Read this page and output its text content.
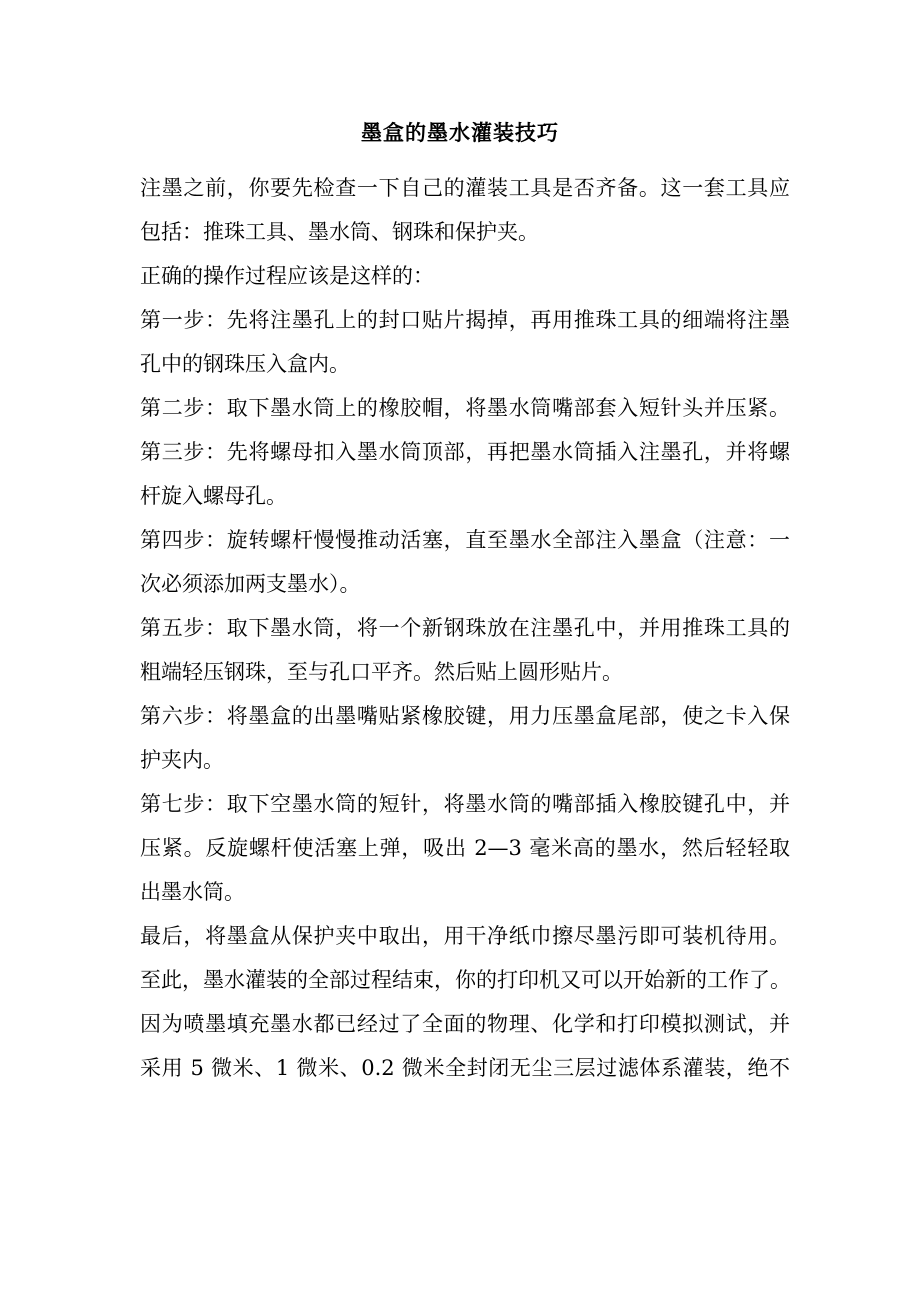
墨盒的墨水灌装技巧
注墨之前，你要先检查一下自己的灌装工具是否齐备。这一套工具应
包括：推珠工具、墨水筒、钢珠和保护夹。
正确的操作过程应该是这样的：
第一步：先将注墨孔上的封口贴片揭掉，再用推珠工具的细端将注墨
孔中的钢珠压入盒内。
第二步：取下墨水筒上的橡胶帽，将墨水筒嘴部套入短针头并压紧。
第三步：先将螺母扣入墨水筒顶部，再把墨水筒插入注墨孔，并将螺
杆旋入螺母孔。
第四步：旋转螺杆慢慢推动活塞，直至墨水全部注入墨盒（注意：一
次必须添加两支墨水）。
第五步：取下墨水筒，将一个新钢珠放在注墨孔中，并用推珠工具的
粗端轻压钢珠，至与孔口平齐。然后贴上圆形贴片。
第六步：将墨盒的出墨嘴贴紧橡胶键，用力压墨盒尾部，使之卡入保
护夹内。
第七步：取下空墨水筒的短针，将墨水筒的嘴部插入橡胶键孔中，并
压紧。反旋螺杆使活塞上弹，吸出 2—3 毫米高的墨水，然后轻轻取
出墨水筒。
最后，将墨盒从保护夹中取出，用干净纸巾擦尽墨污即可装机待用。
至此，墨水灌装的全部过程结束，你的打印机又可以开始新的工作了。
因为喷墨填充墨水都已经过了全面的物理、化学和打印模拟测试，并
采用 5 微米、1 微米、0.2 微米全封闭无尘三层过滤体系灌装，绝不
